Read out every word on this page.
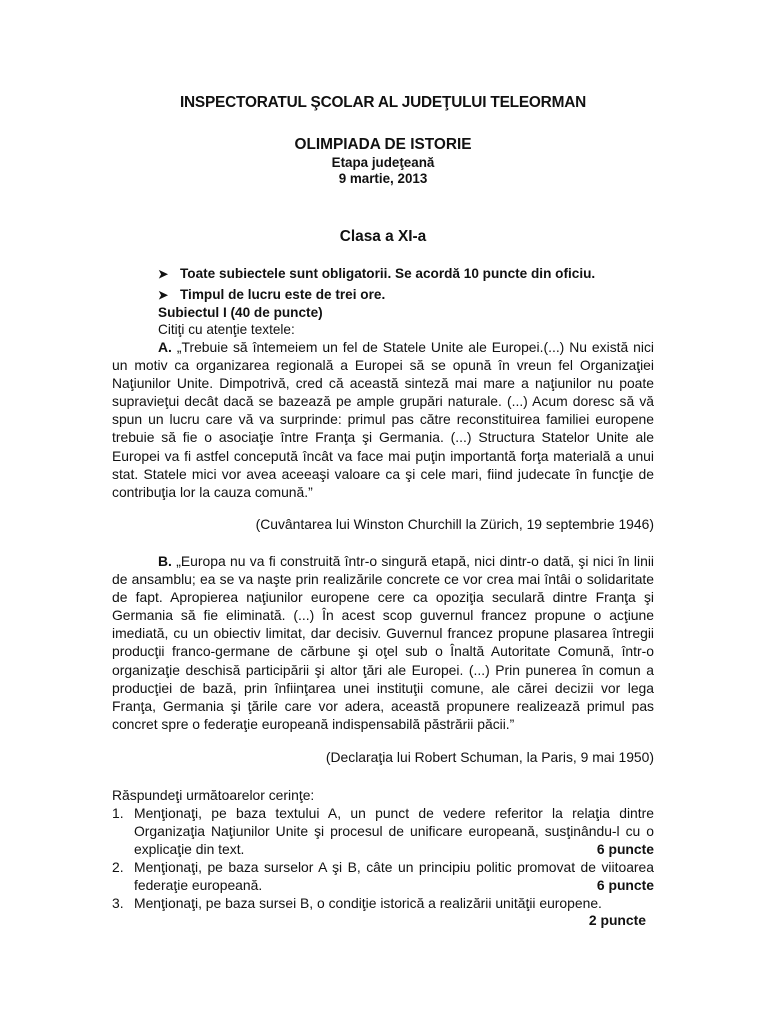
INSPECTORATUL ŞCOLAR AL JUDEŢULUI TELEORMAN
OLIMPIADA DE ISTORIE
Etapa judeţeană
9 martie, 2013
Clasa a XI-a
➤ Toate subiectele sunt obligatorii. Se acordă 10 puncte din oficiu.
➤ Timpul de lucru este de trei ore.
Subiectul I (40 de puncte)
Citiţi cu atenţie textele:
A. „Trebuie să întemeiem un fel de Statele Unite ale Europei.(...) Nu există nici un motiv ca organizarea regională a Europei să se opună în vreun fel Organizaţiei Naţiunilor Unite. Dimpotrivă, cred că această sinteză mai mare a naţiunilor nu poate supravieţui decât dacă se bazează pe ample grupări naturale. (...) Acum doresc să vă spun un lucru care vă va surprinde: primul pas către reconstituirea familiei europene trebuie să fie o asociaţie între Franţa şi Germania. (...) Structura Statelor Unite ale Europei va fi astfel concepută încât va face mai puţin importantă forţa materială a unui stat. Statele mici vor avea aceeaşi valoare ca şi cele mari, fiind judecate în funcţie de contribuţia lor la cauza comună.”
(Cuvântarea lui Winston Churchill la Zürich, 19 septembrie 1946)
B. „Europa nu va fi construită într-o singură etapă, nici dintr-o dată, şi nici în linii de ansamblu; ea se va naşte prin realizările concrete ce vor crea mai întâi o solidaritate de fapt. Apropierea naţiunilor europene cere ca opoziţia seculară dintre Franţa şi Germania să fie eliminată. (...) În acest scop guvernul francez propune o acţiune imediată, cu un obiectiv limitat, dar decisiv. Guvernul francez propune plasarea întregii producţii franco-germane de cărbune şi oţel sub o Înaltă Autoritate Comună, într-o organizaţie deschisă participării şi altor ţări ale Europei. (...) Prin punerea în comun a producţiei de bază, prin înfiinţarea unei instituţii comune, ale cărei decizii vor lega Franţa, Germania şi ţările care vor adera, această propunere realizează primul pas concret spre o federaţie europeană indispensabilă păstrării păcii.”
(Declaraţia lui Robert Schuman, la Paris, 9 mai 1950)
Răspundeţi următoarelor cerinţe:
1. Menţionaţi, pe baza textului A, un punct de vedere referitor la relaţia dintre Organizaţia Naţiunilor Unite şi procesul de unificare europeană, susţinându-l cu o explicaţie din text.	6 puncte
2. Menţionaţi, pe baza surselor A şi B, câte un principiu politic promovat de viitoarea federaţie europeană.	6 puncte
3. Menţionaţi, pe baza sursei B, o condiţie istorică a realizării unităţii europene.
2 puncte
